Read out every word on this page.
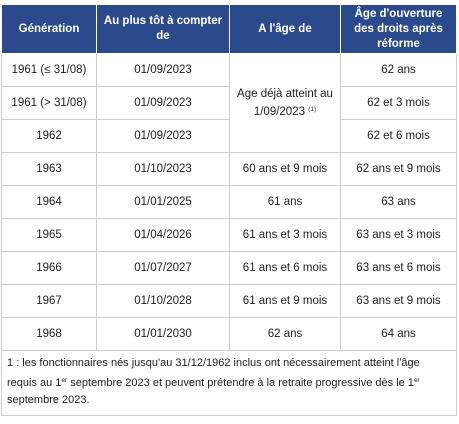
Génération	Au plus tôt à compter de	A l'âge de	Âge d'ouverture des droits après réforme
1961 (≤ 31/08)	01/09/2023	Age déjà atteint au 1/09/2023 $^{(1)}$	62 ans
1961 (> 31/08)	01/09/2023		62 et 3 mois
1962	01/09/2023		62 et 6 mois
1963	01/10/2023	60 ans et 9 mois	62 ans et 9 mois
1964	01/01/2025	61 ans	63 ans
1965	01/04/2026	61 ans et 3 mois	63 ans et 3 mois
1966	01/07/2027	61 ans et 6 mois	63 ans et 6 mois
1967	01/10/2028	61 ans et 9 mois	63 ans et 9 mois
1968	01/01/2030	62 ans	64 ans
1 : les fonctionnaires nés jusqu'au 31/12/1962 inclus ont nécessairement atteint l'âge requis au 1er septembre 2023 et peuvent prétendre à la retraite progressive dès le 1er septembre 2023.			
